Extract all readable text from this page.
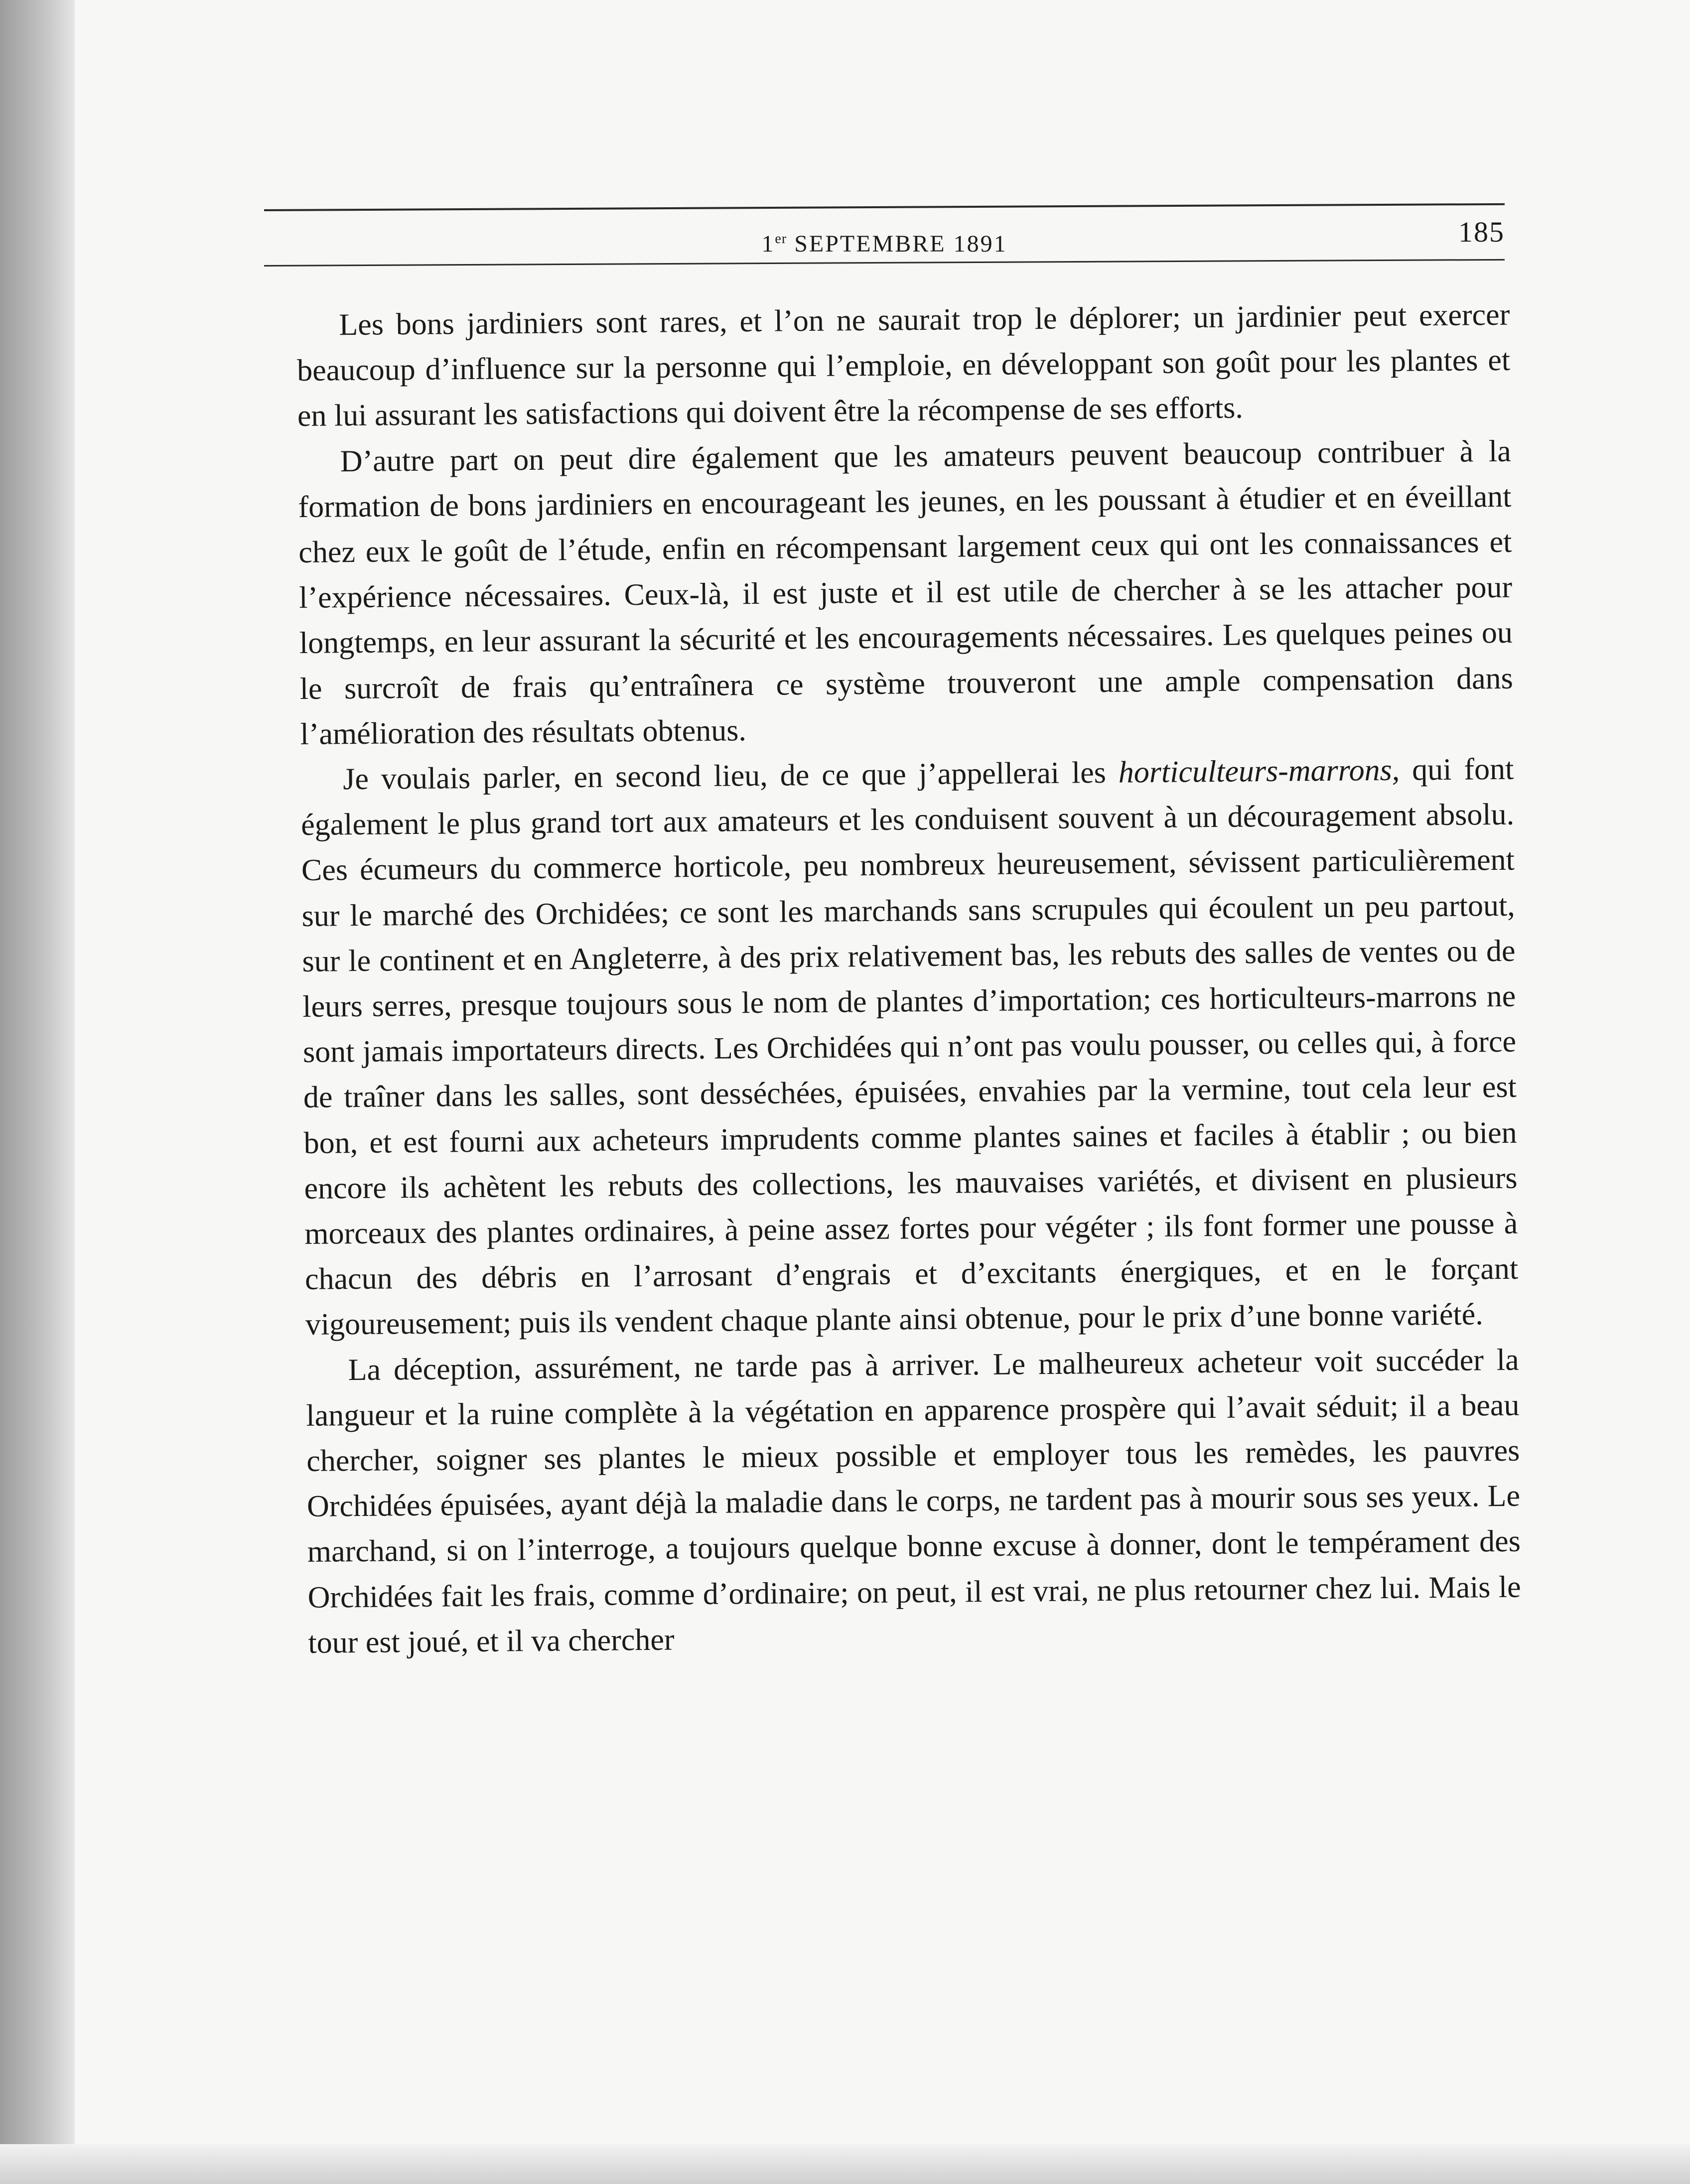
1er SEPTEMBRE 1891	185

Les bons jardiniers sont rares, et l’on ne saurait trop le déplorer; un jardinier peut exercer beaucoup d’influence sur la personne qui l’emploie, en développant son goût pour les plantes et en lui assurant les satisfactions qui doivent être la récompense de ses efforts.

D’autre part on peut dire également que les amateurs peuvent beaucoup contribuer à la formation de bons jardiniers en encourageant les jeunes, en les poussant à étudier et en éveillant chez eux le goût de l’étude, enfin en récompensant largement ceux qui ont les connaissances et l’expérience nécessaires. Ceux-là, il est juste et il est utile de chercher à se les attacher pour longtemps, en leur assurant la sécurité et les encouragements nécessaires. Les quelques peines ou le surcroît de frais qu’entraînera ce système trouveront une ample compensation dans l’amélioration des résultats obtenus.

Je voulais parler, en second lieu, de ce que j’appellerai les horticulteurs-marrons, qui font également le plus grand tort aux amateurs et les conduisent souvent à un découragement absolu. Ces écumeurs du commerce horticole, peu nombreux heureusement, sévissent particulièrement sur le marché des Orchidées; ce sont les marchands sans scrupules qui écoulent un peu partout, sur le continent et en Angleterre, à des prix relativement bas, les rebuts des salles de ventes ou de leurs serres, presque toujours sous le nom de plantes d’importation; ces horticulteurs-marrons ne sont jamais importateurs directs. Les Orchidées qui n’ont pas voulu pousser, ou celles qui, à force de traîner dans les salles, sont desséchées, épuisées, envahies par la vermine, tout cela leur est bon, et est fourni aux acheteurs imprudents comme plantes saines et faciles à établir ; ou bien encore ils achètent les rebuts des collections, les mauvaises variétés, et divisent en plusieurs morceaux des plantes ordinaires, à peine assez fortes pour végéter ; ils font former une pousse à chacun des débris en l’arrosant d’engrais et d’excitants énergiques, et en le forçant vigoureusement; puis ils vendent chaque plante ainsi obtenue, pour le prix d’une bonne variété.

La déception, assurément, ne tarde pas à arriver. Le malheureux acheteur voit succéder la langueur et la ruine complète à la végétation en apparence prospère qui l’avait séduit; il a beau chercher, soigner ses plantes le mieux possible et employer tous les remèdes, les pauvres Orchidées épuisées, ayant déjà la maladie dans le corps, ne tardent pas à mourir sous ses yeux. Le marchand, si on l’interroge, a toujours quelque bonne excuse à donner, dont le tempérament des Orchidées fait les frais, comme d’ordinaire; on peut, il est vrai, ne plus retourner chez lui. Mais le tour est joué, et il va chercher
